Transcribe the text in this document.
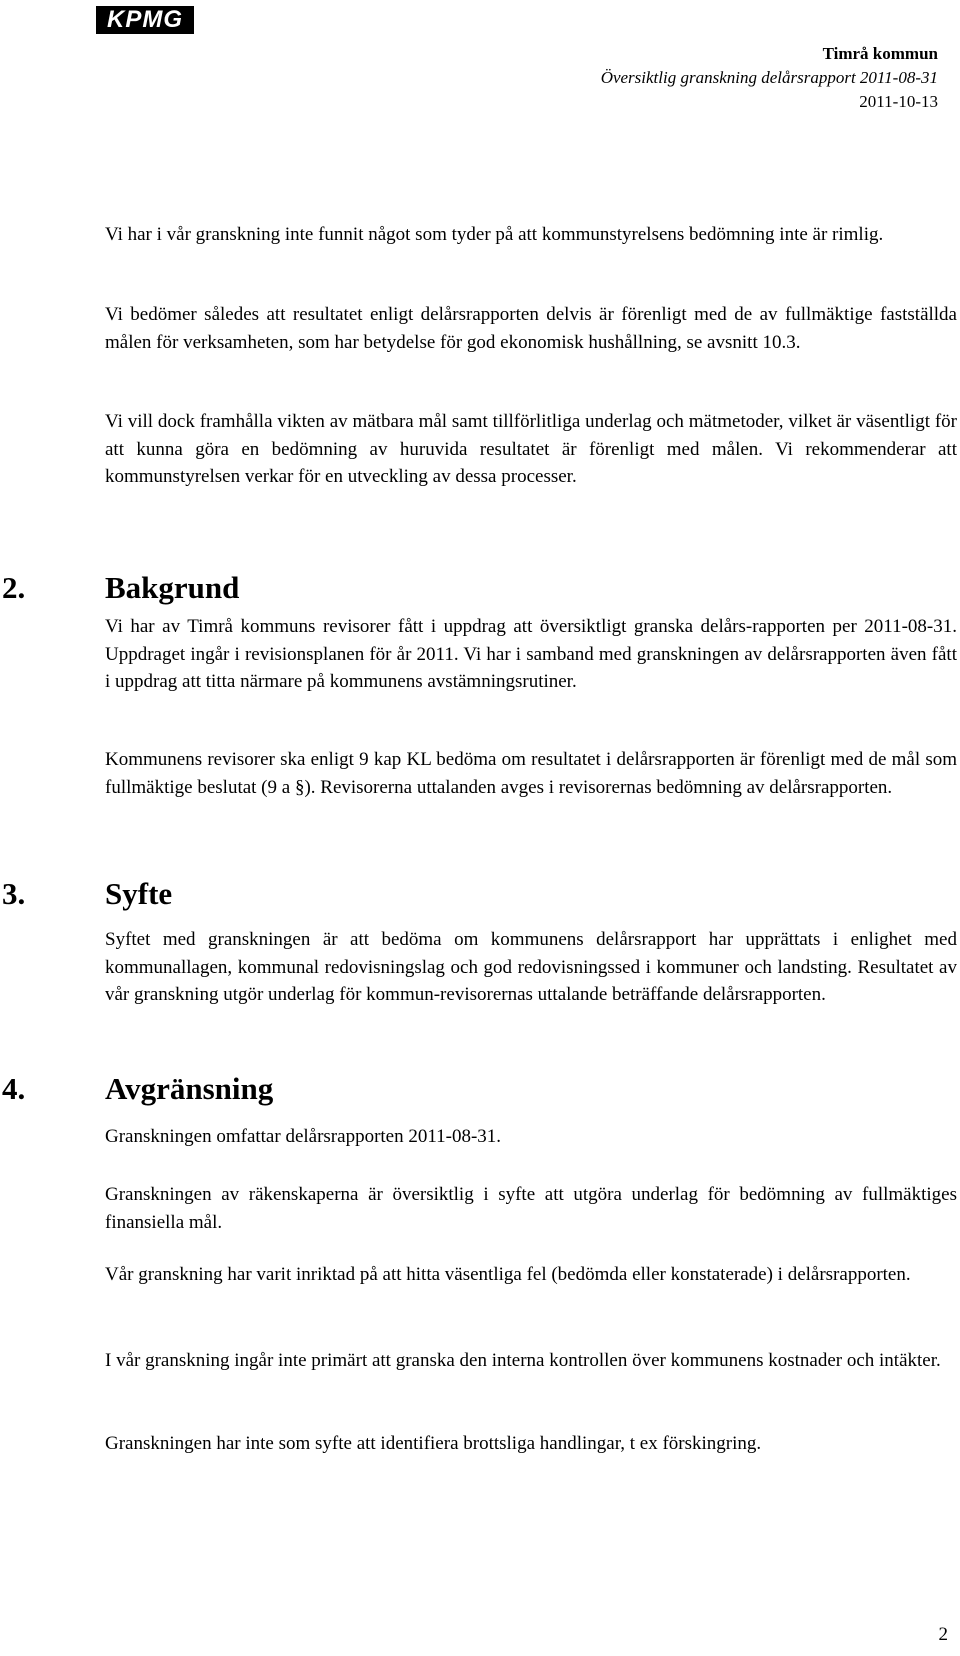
KPMG
Timrå kommun
Översiktlig granskning delårsrapport 2011-08-31
2011-10-13

Vi har i vår granskning inte funnit något som tyder på att kommunstyrelsens bedömning inte är rimlig.

Vi bedömer således att resultatet enligt delårsrapporten delvis är förenligt med de av fullmäktige fastställda målen för verksamheten, som har betydelse för god ekonomisk hushållning, se avsnitt 10.3.

Vi vill dock framhålla vikten av mätbara mål samt tillförlitliga underlag och mätmetoder, vilket är väsentligt för att kunna göra en bedömning av huruvida resultatet är förenligt med målen. Vi rekommenderar att kommunstyrelsen verkar för en utveckling av dessa processer.

2.	Bakgrund

Vi har av Timrå kommuns revisorer fått i uppdrag att översiktligt granska delårs-rapporten per 2011-08-31. Uppdraget ingår i revisionsplanen för år 2011. Vi har i samband med granskningen av delårsrapporten även fått i uppdrag att titta närmare på kommunens avstämningsrutiner.

Kommunens revisorer ska enligt 9 kap KL bedöma om resultatet i delårsrapporten är förenligt med de mål som fullmäktige beslutat (9 a §). Revisorerna uttalanden avges i revisorernas bedömning av delårsrapporten.

3.	Syfte

Syftet med granskningen är att bedöma om kommunens delårsrapport har upprättats i enlighet med kommunallagen, kommunal redovisningslag och god redovisningssed i kommuner och landsting. Resultatet av vår granskning utgör underlag för kommun-revisorernas uttalande beträffande delårsrapporten.

4.	Avgränsning

Granskningen omfattar delårsrapporten 2011-08-31.

Granskningen av räkenskaperna är översiktlig i syfte att utgöra underlag för bedömning av fullmäktiges finansiella mål.

Vår granskning har varit inriktad på att hitta väsentliga fel (bedömda eller konstaterade) i delårsrapporten.

I vår granskning ingår inte primärt att granska den interna kontrollen över kommunens kostnader och intäkter.

Granskningen har inte som syfte att identifiera brottsliga handlingar, t ex förskingring.

2
